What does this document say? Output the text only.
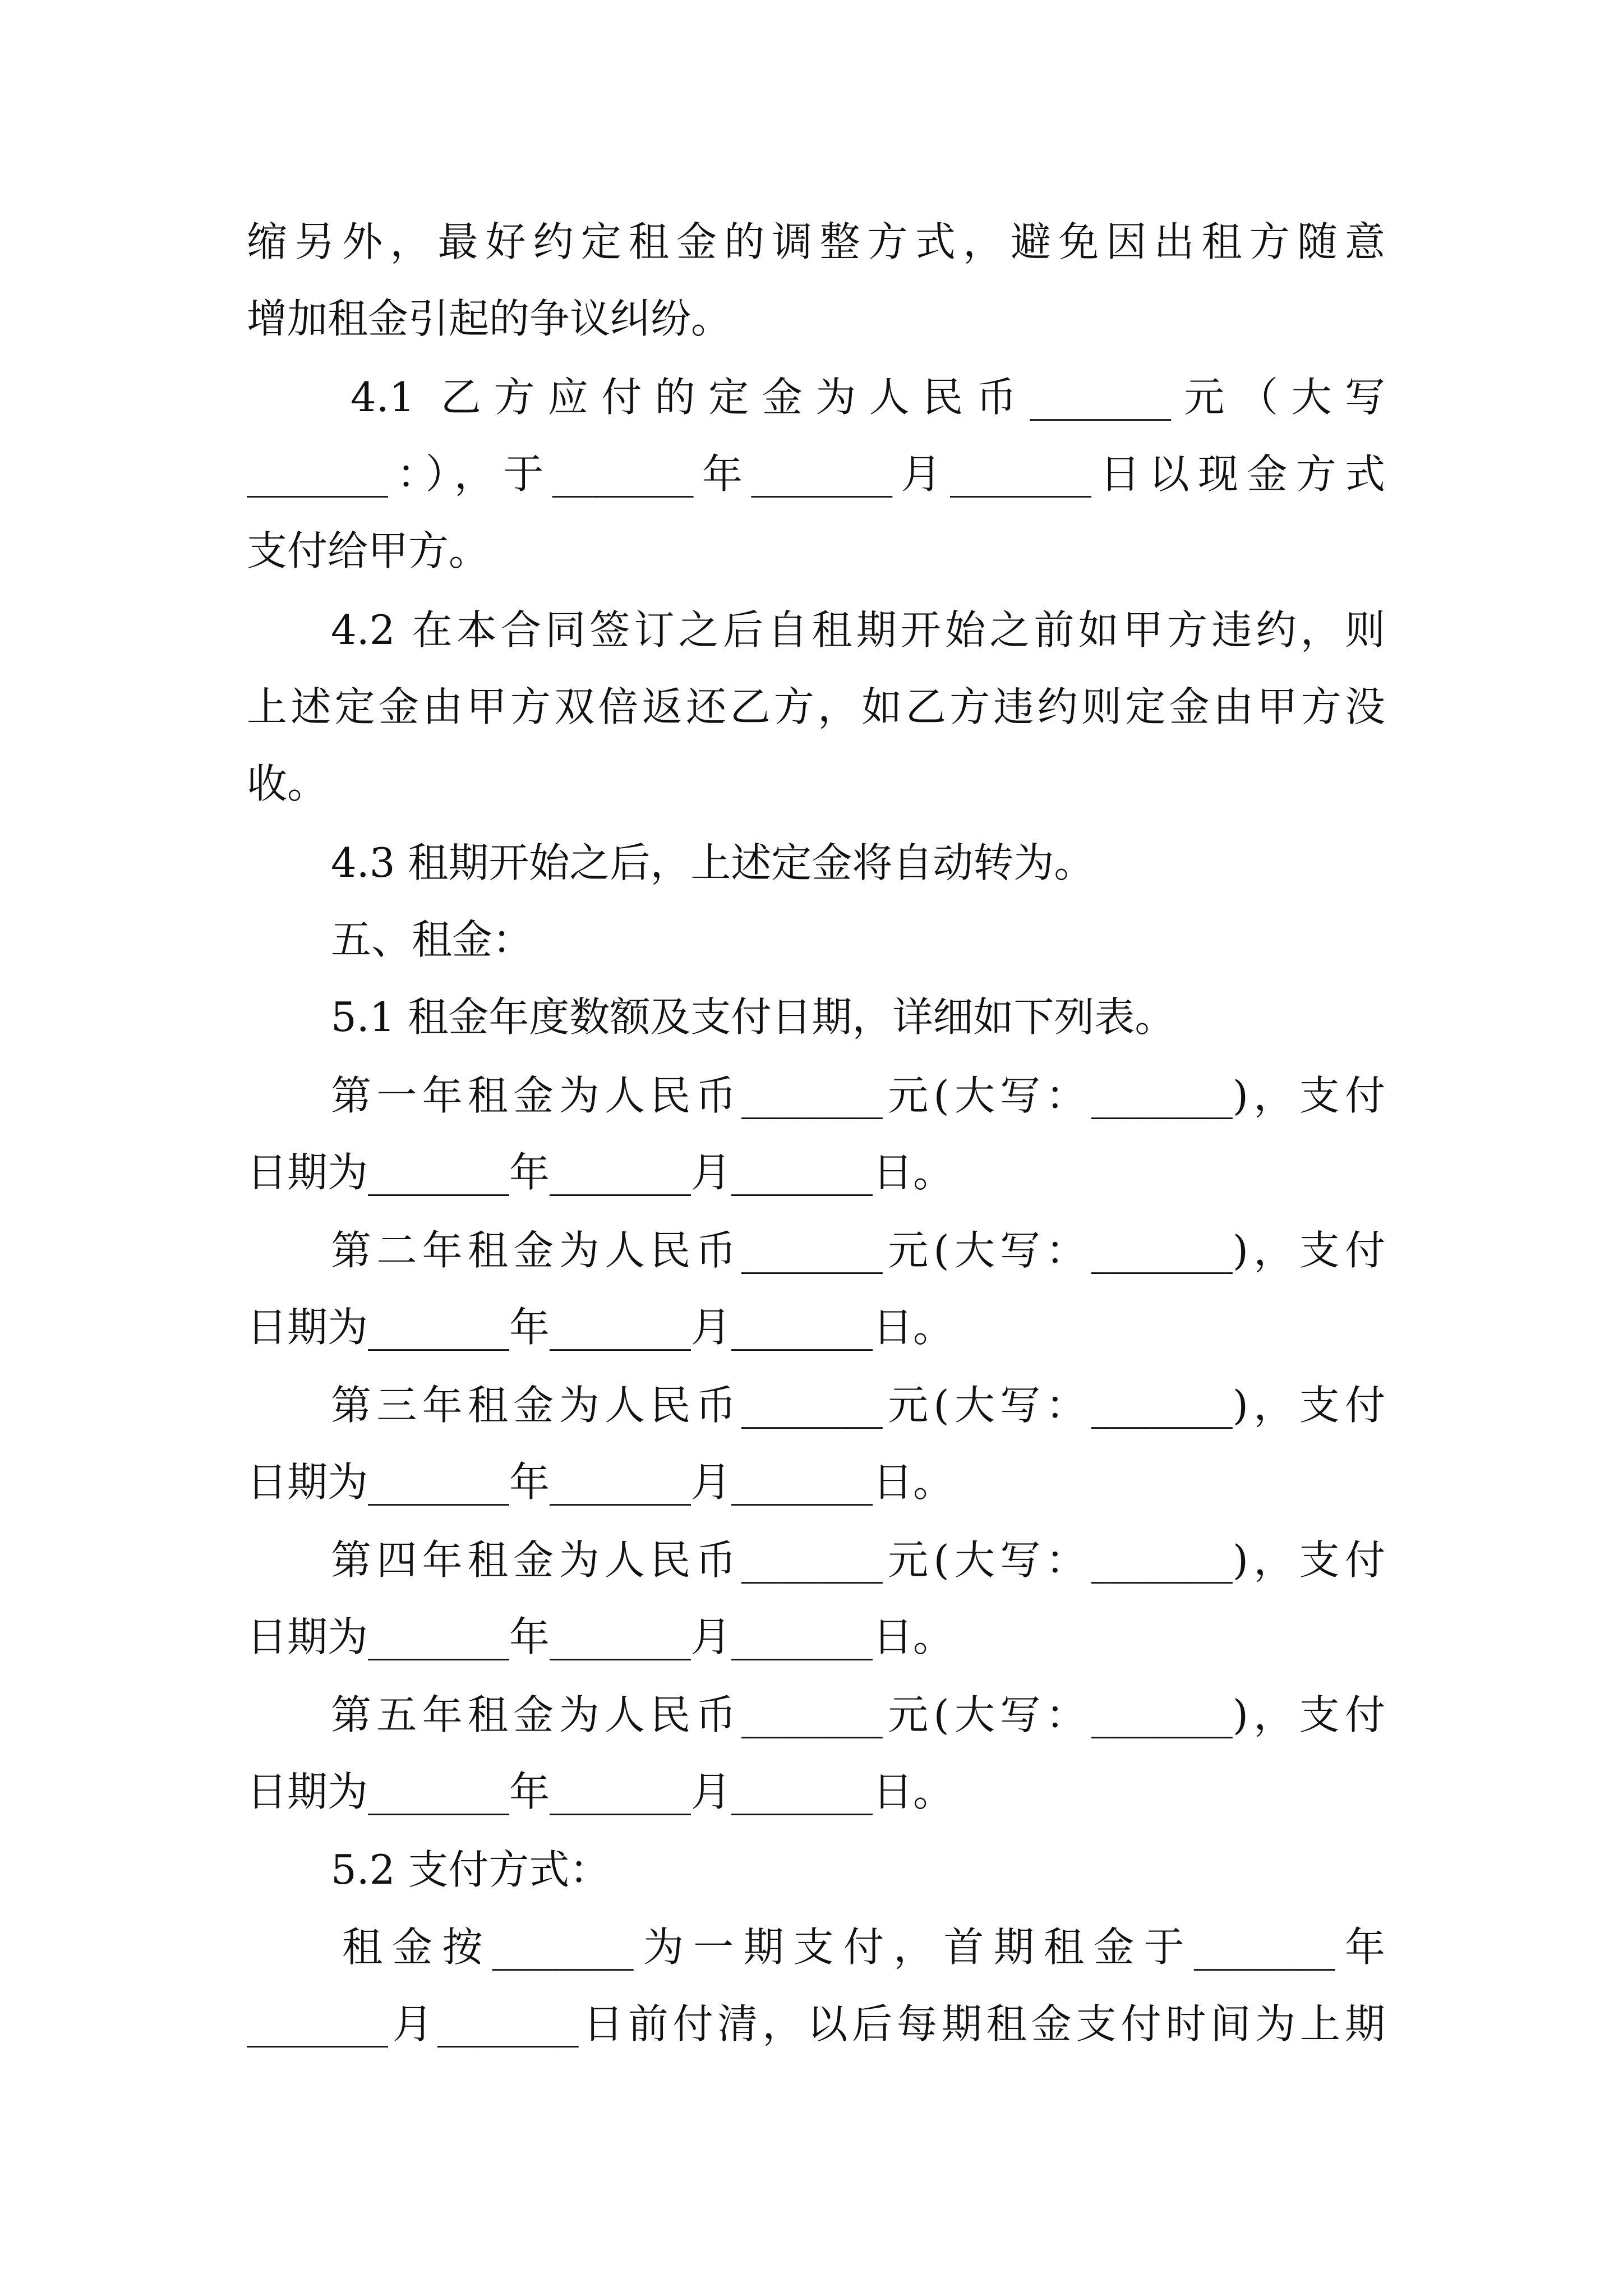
缩另外，最好约定租金的调整方式，避免因出租方随意
增加租金引起的争议纠纷。
4.1 乙方应付的定金为人民币_______元（大写
_______：），于_______年_______月_______日以现金方式
支付给甲方。
4.2 在本合同签订之后自租期开始之前如甲方违约，则
上述定金由甲方双倍返还乙方，如乙方违约则定金由甲方没
收。
4.3 租期开始之后，上述定金将自动转为。
五、租金：
5.1 租金年度数额及支付日期，详细如下列表。
第一年租金为人民币_______元(大写：_______)，支付
日期为_______年_______月_______日。
第二年租金为人民币_______元(大写：_______)，支付
日期为_______年_______月_______日。
第三年租金为人民币_______元(大写：_______)，支付
日期为_______年_______月_______日。
第四年租金为人民币_______元(大写：_______)，支付
日期为_______年_______月_______日。
第五年租金为人民币_______元(大写：_______)，支付
日期为_______年_______月_______日。
5.2 支付方式：
租金按_______为一期支付，首期租金于_______年
_______月_______日前付清，以后每期租金支付时间为上期
